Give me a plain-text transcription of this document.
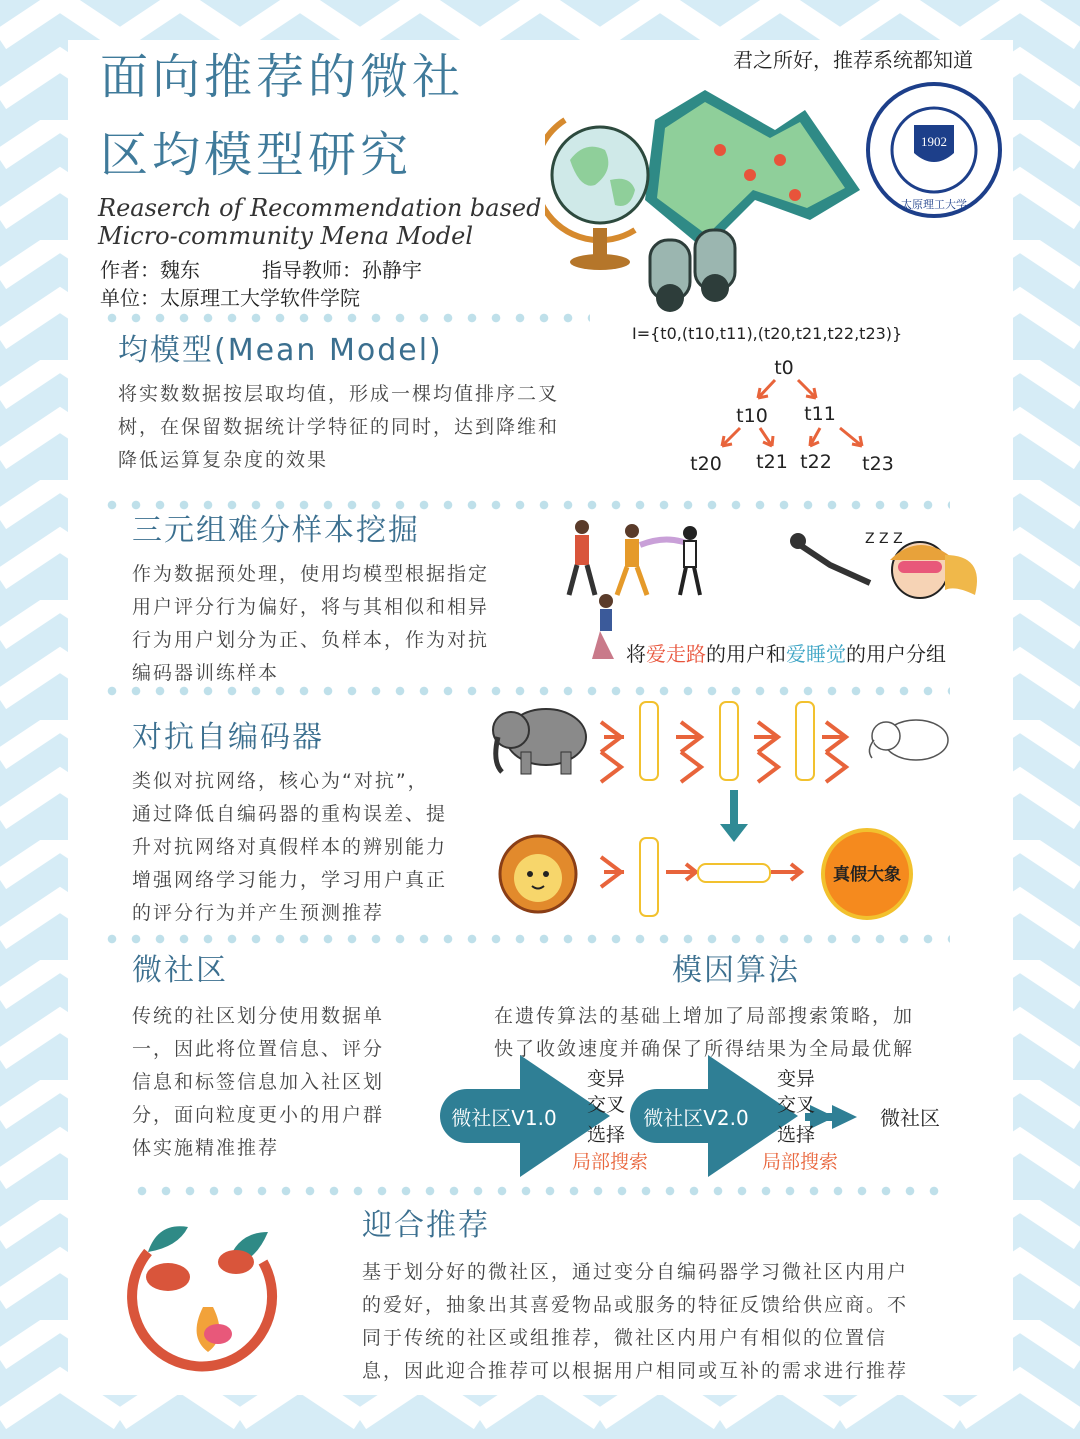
君之所好，推荐系统都知道
面向推荐的微社
区均模型研究
Reaserch of Recommendation based
Micro-community Mena Model
作者：魏东	指导教师：孙静宇
单位：太原理工大学软件学院
1902
太原理工大学
均模型(Mean Model)
将实数数据按层取均值，形成一棵均值排序二叉
树，在保留数据统计学特征的同时，达到降维和
降低运算复杂度的效果
I={t0,(t10,t11),(t20,t21,t22,t23)}
t0
t10 t11
t20 t21 t22 t23
三元组难分样本挖掘
作为数据预处理，使用均模型根据指定
用户评分行为偏好，将与其相似和相异
行为用户划分为正、负样本，作为对抗
编码器训练样本
Z Z Z
将爱走路的用户和爱睡觉的用户分组
对抗自编码器
类似对抗网络，核心为“对抗”，
通过降低自编码器的重构误差、提
升对抗网络对真假样本的辨别能力
增强网络学习能力，学习用户真正
的评分行为并产生预测推荐
真假大象
微社区
传统的社区划分使用数据单
一，因此将位置信息、评分
信息和标签信息加入社区划
分，面向粒度更小的用户群
体实施精准推荐
模因算法
在遗传算法的基础上增加了局部搜索策略，加
快了收敛速度并确保了所得结果为全局最优解
微社区V1.0	微社区V2.0	微社区
变异
交叉
选择
局部搜索
变异
交叉
选择
局部搜索
迎合推荐
基于划分好的微社区，通过变分自编码器学习微社区内用户
的爱好，抽象出其喜爱物品或服务的特征反馈给供应商。不
同于传统的社区或组推荐，微社区内用户有相似的位置信
息，因此迎合推荐可以根据用户相同或互补的需求进行推荐
